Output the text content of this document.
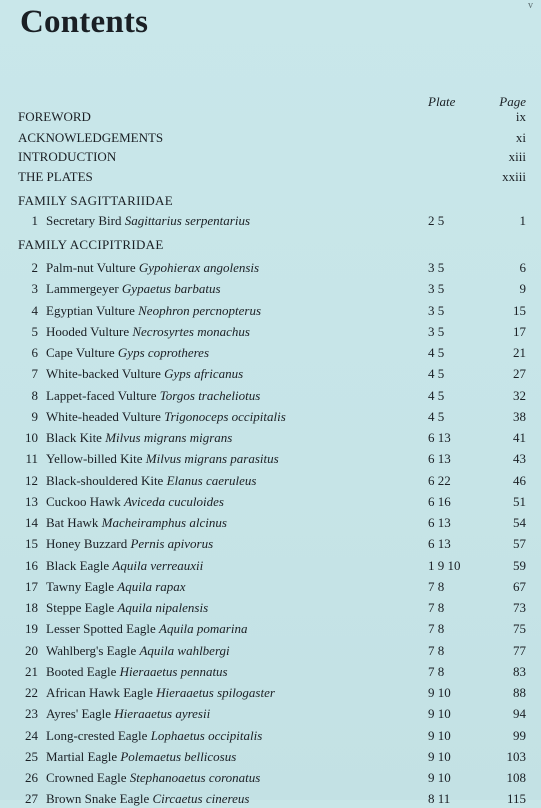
v
Contents
Plate	Page
FOREWORD	ix
ACKNOWLEDGEMENTS	xi
INTRODUCTION	xiii
THE PLATES	xxiii
FAMILY SAGITTARIIDAE
1 Secretary Bird Sagittarius serpentarius	2 5	1
FAMILY ACCIPITRIDAE
2 Palm-nut Vulture Gypohierax angolensis	3 5	6
3 Lammergeyer Gypaetus barbatus	3 5	9
4 Egyptian Vulture Neophron percnopterus	3 5	15
5 Hooded Vulture Necrosyrtes monachus	3 5	17
6 Cape Vulture Gyps coprotheres	4 5	21
7 White-backed Vulture Gyps africanus	4 5	27
8 Lappet-faced Vulture Torgos tracheliotus	4 5	32
9 White-headed Vulture Trigonoceps occipitalis	4 5	38
10 Black Kite Milvus migrans migrans	6 13	41
11 Yellow-billed Kite Milvus migrans parasitus	6 13	43
12 Black-shouldered Kite Elanus caeruleus	6 22	46
13 Cuckoo Hawk Aviceda cuculoides	6 16	51
14 Bat Hawk Macheiramphus alcinus	6 13	54
15 Honey Buzzard Pernis apivorus	6 13	57
16 Black Eagle Aquila verreauxii	1 9 10	59
17 Tawny Eagle Aquila rapax	7 8	67
18 Steppe Eagle Aquila nipalensis	7 8	73
19 Lesser Spotted Eagle Aquila pomarina	7 8	75
20 Wahlberg's Eagle Aquila wahlbergi	7 8	77
21 Booted Eagle Hieraaetus pennatus	7 8	83
22 African Hawk Eagle Hieraaetus spilogaster	9 10	88
23 Ayres' Eagle Hieraaetus ayresii	9 10	94
24 Long-crested Eagle Lophaetus occipitalis	9 10	99
25 Martial Eagle Polemaetus bellicosus	9 10	103
26 Crowned Eagle Stephanoaetus coronatus	9 10	108
27 Brown Snake Eagle Circaetus cinereus	8 11	115
